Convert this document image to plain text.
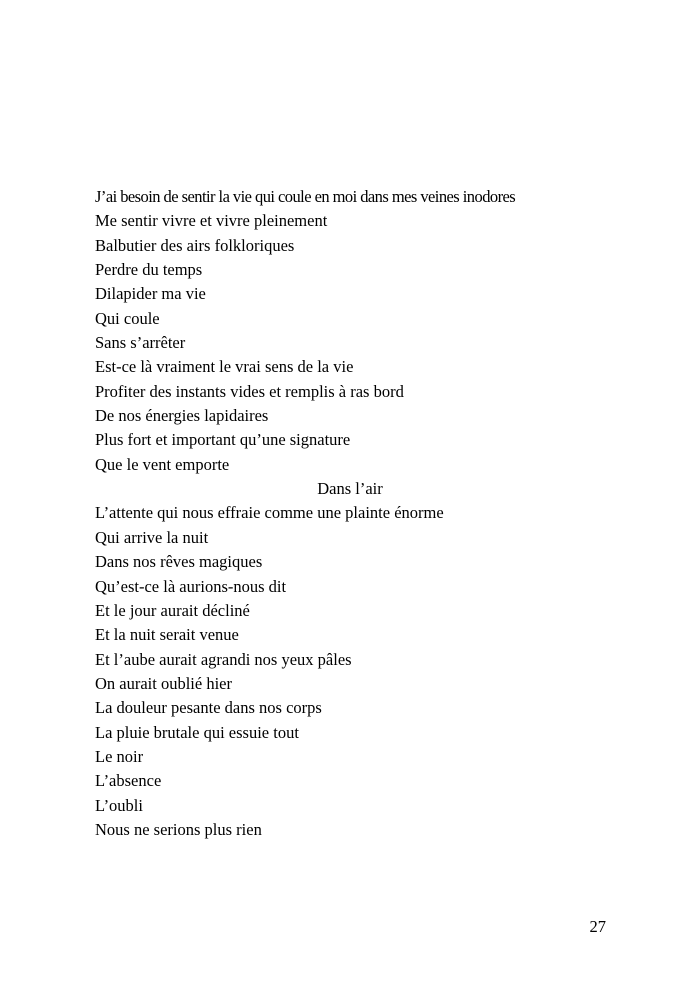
J’ai besoin de sentir la vie qui coule en moi dans mes veines inodores
Me sentir vivre et vivre pleinement
Balbutier des airs folkloriques
Perdre du temps
Dilapider ma vie
Qui coule
Sans s’arrêter
Est-ce là vraiment le vrai sens de la vie
Profiter des instants vides et remplis à ras bord
De nos énergies lapidaires
Plus fort et important qu’une signature
Que le vent emporte
Dans l’air
L’attente qui nous effraie comme une plainte énorme
Qui arrive la nuit
Dans nos rêves magiques
Qu’est-ce là aurions-nous dit
Et le jour aurait décliné
Et la nuit serait venue
Et l’aube aurait agrandi nos yeux pâles
On aurait oublié hier
La douleur pesante dans nos corps
La pluie brutale qui essuie tout
Le noir
L’absence
L’oubli
Nous ne serions plus rien
27
